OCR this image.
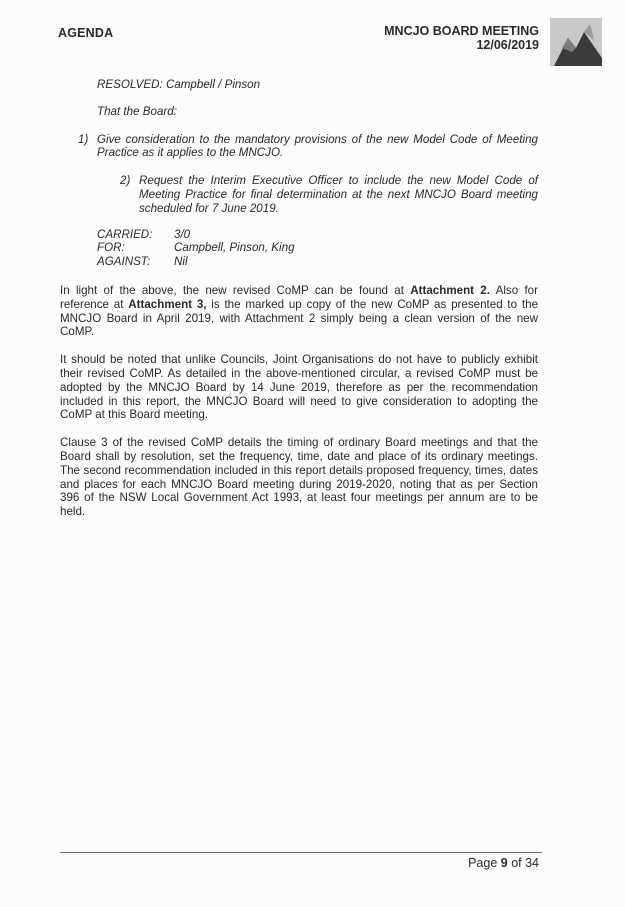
AGENDA	MNCJO BOARD MEETING
12/06/2019
RESOLVED: Campbell / Pinson
That the Board:
1) Give consideration to the mandatory provisions of the new Model Code of Meeting Practice as it applies to the MNCJO.
2) Request the Interim Executive Officer to include the new Model Code of Meeting Practice for final determination at the next MNCJO Board meeting scheduled for 7 June 2019.
CARRIED:	3/0
FOR:	Campbell, Pinson, King
AGAINST:	Nil

In light of the above, the new revised CoMP can be found at Attachment 2. Also for reference at Attachment 3, is the marked up copy of the new CoMP as presented to the MNCJO Board in April 2019, with Attachment 2 simply being a clean version of the new CoMP.

It should be noted that unlike Councils, Joint Organisations do not have to publicly exhibit their revised CoMP. As detailed in the above-mentioned circular, a revised CoMP must be adopted by the MNCJO Board by 14 June 2019, therefore as per the recommendation included in this report, the MNCJO Board will need to give consideration to adopting the CoMP at this Board meeting.

Clause 3 of the revised CoMP details the timing of ordinary Board meetings and that the Board shall by resolution, set the frequency, time, date and place of its ordinary meetings. The second recommendation included in this report details proposed frequency, times, dates and places for each MNCJO Board meeting during 2019-2020, noting that as per Section 396 of the NSW Local Government Act 1993, at least four meetings per annum are to be held.

Page 9 of 34
